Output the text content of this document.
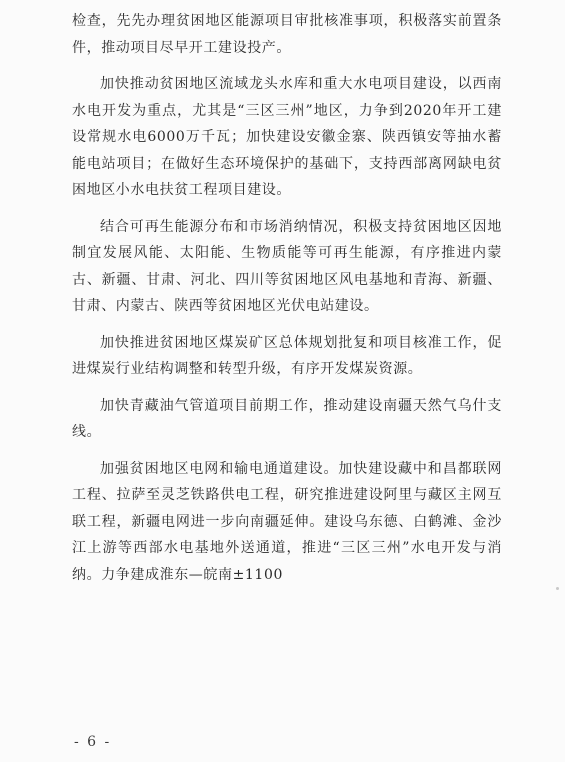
检查，先先办理贫困地区能源项目审批核准事项，积极落实前置条件，推动项目尽早开工建设投产。

加快推动贫困地区流域龙头水库和重大水电项目建设，以西南水电开发为重点，尤其是“三区三州”地区，力争到2020年开工建设常规水电6000万千瓦；加快建设安徽金寨、陕西镇安等抽水蓄能电站项目；在做好生态环境保护的基础下，支持西部离网缺电贫困地区小水电扶贫工程项目建设。

结合可再生能源分布和市场消纳情况，积极支持贫困地区因地制宜发展风能、太阳能、生物质能等可再生能源，有序推进内蒙古、新疆、甘肃、河北、四川等贫困地区风电基地和青海、新疆、甘肃、内蒙古、陕西等贫困地区光伏电站建设。

加快推进贫困地区煤炭矿区总体规划批复和项目核准工作，促进煤炭行业结构调整和转型升级，有序开发煤炭资源。

加快青藏油气管道项目前期工作，推动建设南疆天然气乌什支线。

加强贫困地区电网和输电通道建设。加快建设藏中和昌都联网工程、拉萨至灵芝铁路供电工程，研究推进建设阿里与藏区主网互联工程，新疆电网进一步向南疆延伸。建设乌东德、白鹤滩、金沙江上游等西部水电基地外送通道，推进“三区三州”水电开发与消纳。力争建成淮东—皖南±1100

- 6 -
